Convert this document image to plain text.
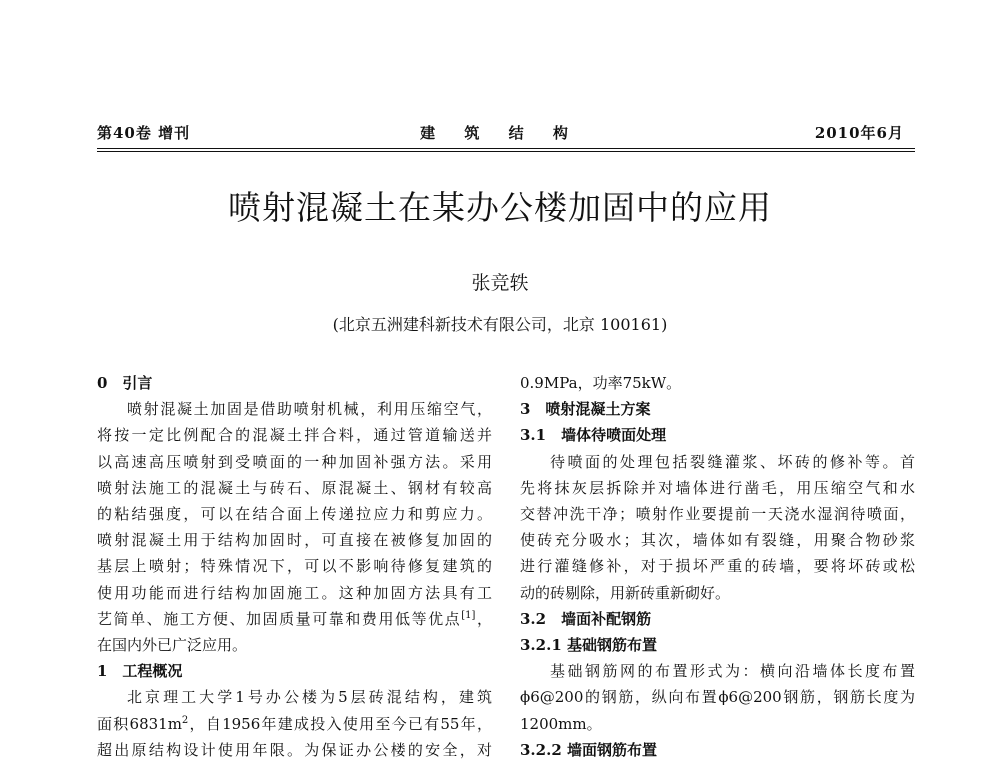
第40卷 增刊	建 筑 结 构	2010年6月
喷射混凝土在某办公楼加固中的应用
张竞轶
(北京五洲建科新技术有限公司，北京 100161)
0　引言

喷射混凝土加固是借助喷射机械，利用压缩空气，

将按一定比例配合的混凝土拌合料，通过管道输送并

以高速高压喷射到受喷面的一种加固补强方法。采用

喷射法施工的混凝土与砖石、原混凝土、钢材有较高

的粘结强度，可以在结合面上传递拉应力和剪应力。

喷射混凝土用于结构加固时，可直接在被修复加固的

基层上喷射；特殊情况下，可以不影响待修复建筑的

使用功能而进行结构加固施工。这种加固方法具有工

艺简单、施工方便、加固质量可靠和费用低等优点[1]，

在国内外已广泛应用。

1　工程概况

北京理工大学1号办公楼为5层砖混结构，建筑

面积$6831m^2$，自1956年建成投入使用至今已有55年，

超出原结构设计使用年限。为保证办公楼的安全，对

0.9MPa，功率75kW。

3　喷射混凝土方案
3.1　墙体待喷面处理

待喷面的处理包括裂缝灌浆、坏砖的修补等。首

先将抹灰层拆除并对墙体进行凿毛，用压缩空气和水

交替冲洗干净；喷射作业要提前一天浇水湿润待喷面，

使砖充分吸水；其次，墙体如有裂缝，用聚合物砂浆

进行灌缝修补，对于损坏严重的砖墙，要将坏砖或松

动的砖剔除，用新砖重新砌好。

3.2　墙面补配钢筋
3.2.1 基础钢筋布置

基础钢筋网的布置形式为：横向沿墙体长度布置

ϕ6@200的钢筋，纵向布置ϕ6@200钢筋，钢筋长度为

1200mm。

3.2.2 墙面钢筋布置
